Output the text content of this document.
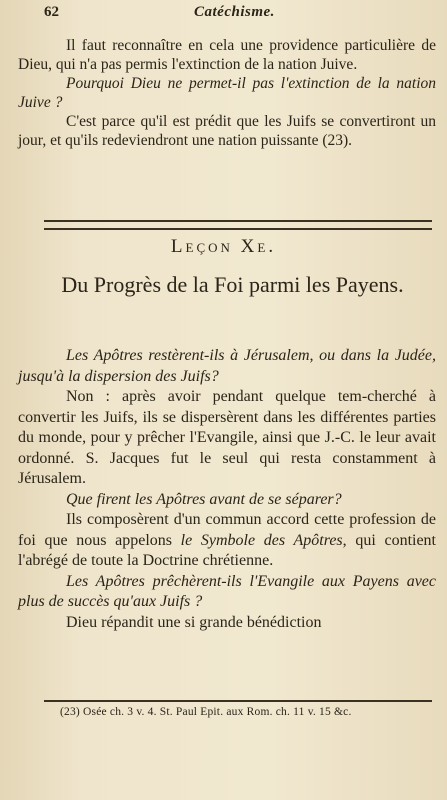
62	Catéchisme.

Il faut reconnaître en cela une providence particulière de Dieu, qui n'a pas permis l'extinction de la nation Juive.

Pourquoi Dieu ne permet-il pas l'extinction de la nation Juive ?

C'est parce qu'il est prédit que les Juifs se convertiront un jour, et qu'ils redeviendront une nation puissante (23).

Leçon Xe.
Du Progrès de la Foi parmi les Payens.

Les Apôtres restèrent-ils à Jérusalem, ou dans la Judée, jusqu'à la dispersion des Juifs?

Non : après avoir pendant quelque tem-cherché à convertir les Juifs, ils se dispersèrent dans les différentes parties du monde, pour y prêcher l'Evangile, ainsi que J.-C. le leur avait ordonné. S. Jacques fut le seul qui resta constamment à Jérusalem.

Que firent les Apôtres avant de se séparer?

Ils composèrent d'un commun accord cette profession de foi que nous appelons le Symbole des Apôtres, qui contient l'abrégé de toute la Doctrine chrétienne.

Les Apôtres prêchèrent-ils l'Evangile aux Payens avec plus de succès qu'aux Juifs ?

Dieu répandit une si grande bénédiction

(23) Osée ch. 3 v. 4. St. Paul Epit. aux Rom. ch. 11 v. 15 &c.
